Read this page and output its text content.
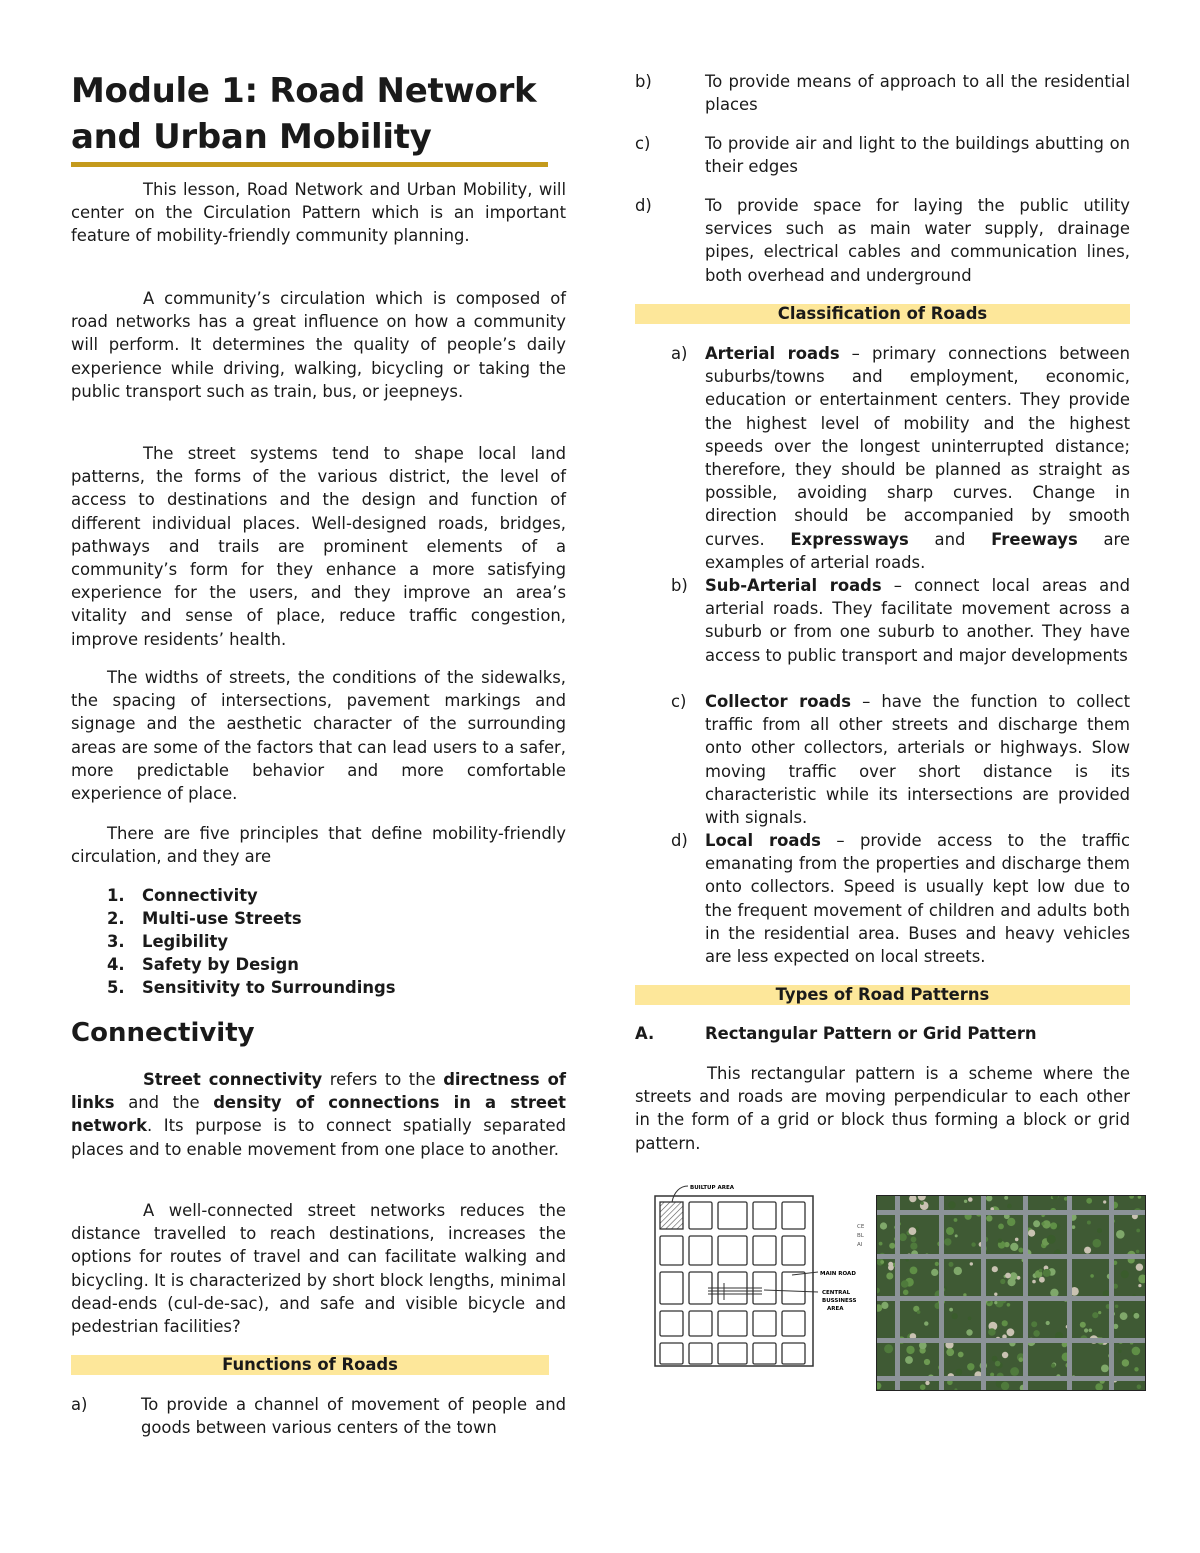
Module 1: Road Network and Urban Mobility

This lesson, Road Network and Urban Mobility, will center on the Circulation Pattern which is an important feature of mobility-friendly community planning.

A community’s circulation which is composed of road networks has a great influence on how a community will perform. It determines the quality of people’s daily experience while driving, walking, bicycling or taking the public transport such as train, bus, or jeepneys.

The street systems tend to shape local land patterns, the forms of the various district, the level of access to destinations and the design and function of different individual places. Well-designed roads, bridges, pathways and trails are prominent elements of a community’s form for they enhance a more satisfying experience for the users, and they improve an area’s vitality and sense of place, reduce traffic congestion, improve residents’ health.

The widths of streets, the conditions of the sidewalks, the spacing of intersections, pavement markings and signage and the aesthetic character of the surrounding areas are some of the factors that can lead users to a safer, more predictable behavior and more comfortable experience of place.

There are five principles that define mobility-friendly circulation, and they are

1. Connectivity
2. Multi-use Streets
3. Legibility
4. Safety by Design
5. Sensitivity to Surroundings
Connectivity

Street connectivity refers to the directness of links and the density of connections in a street network. Its purpose is to connect spatially separated places and to enable movement from one place to another.

A well-connected street networks reduces the distance travelled to reach destinations, increases the options for routes of travel and can facilitate walking and bicycling. It is characterized by short block lengths, minimal dead-ends (cul-de-sac), and safe and visible bicycle and pedestrian facilities?

Functions of Roads

a)	To provide a channel of movement of people and goods between various centers of the town

b)	To provide means of approach to all the residential places

c)	To provide air and light to the buildings abutting on their edges

d)	To provide space for laying the public utility services such as main water supply, drainage pipes, electrical cables and communication lines, both overhead and underground

Classification of Roads

a) Arterial roads – primary connections between suburbs/towns and employment, economic, education or entertainment centers. They provide the highest level of mobility and the highest speeds over the longest uninterrupted distance; therefore, they should be planned as straight as possible, avoiding sharp curves. Change in direction should be accompanied by smooth curves. Expressways and Freeways are examples of arterial roads.

b) Sub-Arterial roads – connect local areas and arterial roads. They facilitate movement across a suburb or from one suburb to another. They have access to public transport and major developments

c) Collector roads – have the function to collect traffic from all other streets and discharge them onto other collectors, arterials or highways. Slow moving traffic over short distance is its characteristic while its intersections are provided with signals.

d) Local roads – provide access to the traffic emanating from the properties and discharge them onto collectors. Speed is usually kept low due to the frequent movement of children and adults both in the residential area. Buses and heavy vehicles are less expected on local streets.

Types of Road Patterns

A.	Rectangular Pattern or Grid Pattern

This rectangular pattern is a scheme where the streets and roads are moving perpendicular to each other in the form of a grid or block thus forming a block or grid pattern.

BUILTUP AREA
MAIN ROAD
CENTRAL
BUSSINESS
AREA
CE
BL
AI
